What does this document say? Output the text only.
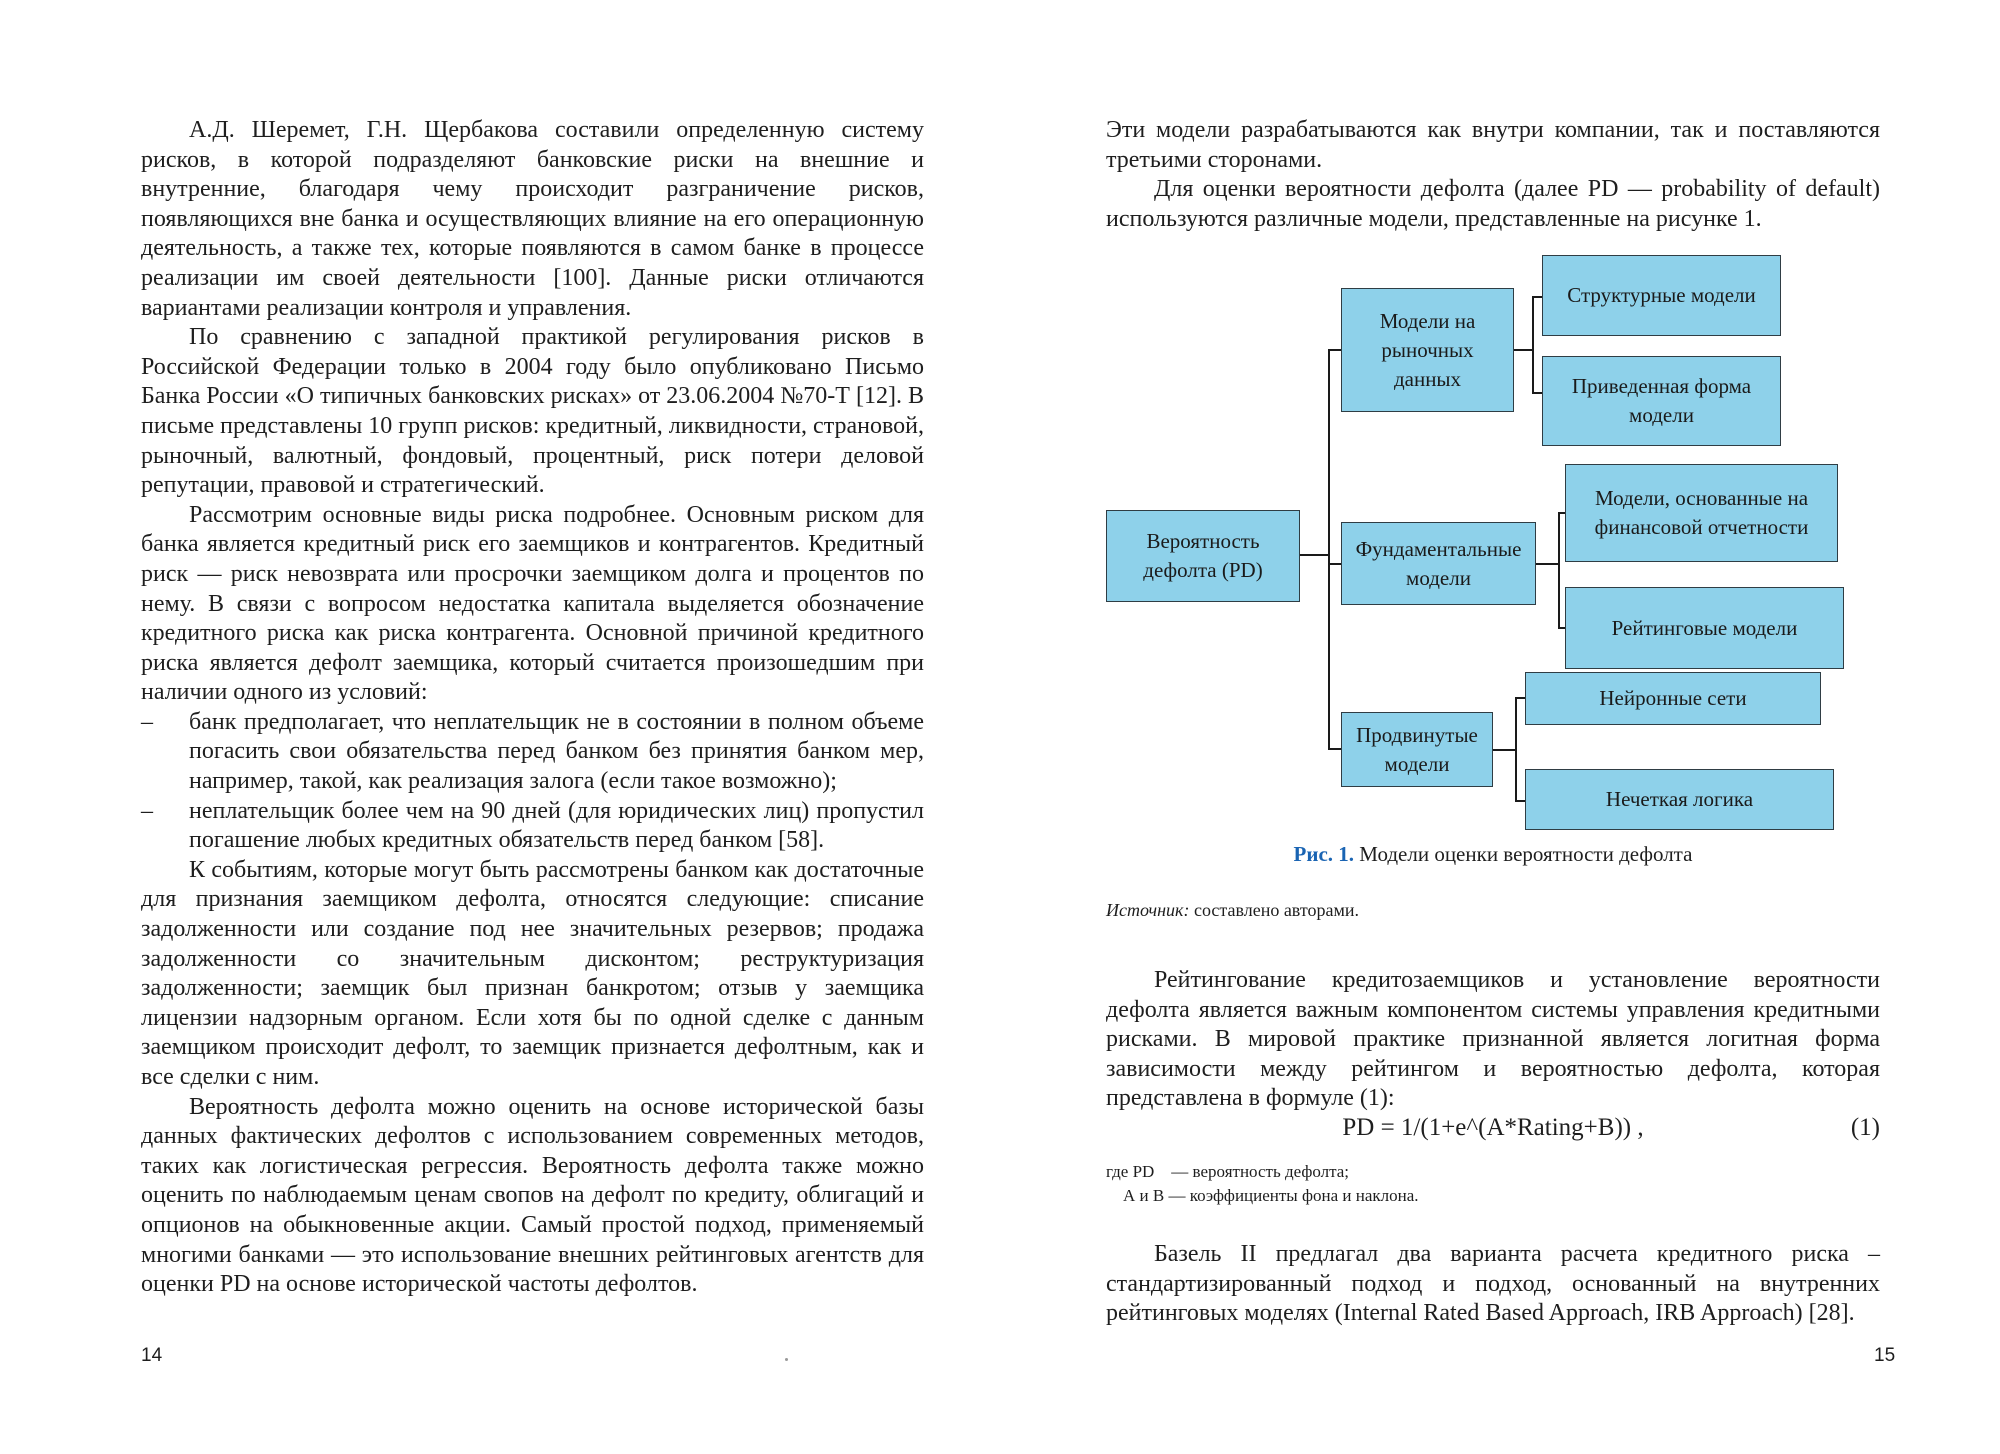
А.Д. Шеремет, Г.Н. Щербакова составили определенную систему рисков, в которой подразделяют банковские риски на внешние и внутренние, благодаря чему происходит разграничение рисков, появляющихся вне банка и осуществляющих влияние на его операционную деятельность, а также тех, которые появляются в самом банке в процессе реализации им своей деятельности [100]. Данные риски отличаются вариантами реализации контроля и управления.

По сравнению с западной практикой регулирования рисков в Российской Федерации только в 2004 году было опубликовано Письмо Банка России «О типичных банковских рисках» от 23.06.2004 №70-Т [12]. В письме представлены 10 групп рисков: кредитный, ликвидности, страновой, рыночный, валютный, фондовый, процентный, риск потери деловой репутации, правовой и стратегический.

Рассмотрим основные виды риска подробнее. Основным риском для банка является кредитный риск его заемщиков и контрагентов. Кредитный риск — риск невозврата или просрочки заемщиком долга и процентов по нему. В связи с вопросом недостатка капитала выделяется обозначение кредитного риска как риска контрагента. Основной причиной кредитного риска является дефолт заемщика, который считается произошедшим при наличии одного из условий:

– банк предполагает, что неплательщик не в состоянии в полном объеме погасить свои обязательства перед банком без принятия банком мер, например, такой, как реализация залога (если такое возможно);
– неплательщик более чем на 90 дней (для юридических лиц) пропустил погашение любых кредитных обязательств перед банком [58].

К событиям, которые могут быть рассмотрены банком как достаточные для признания заемщиком дефолта, относятся следующие: списание задолженности или создание под нее значительных резервов; продажа задолженности со значительным дисконтом; реструктуризация задолженности; заемщик был признан банкротом; отзыв у заемщика лицензии надзорным органом. Если хотя бы по одной сделке с данным заемщиком происходит дефолт, то заемщик признается дефолтным, как и все сделки с ним.

Вероятность дефолта можно оценить на основе исторической базы данных фактических дефолтов с использованием современных методов, таких как логистическая регрессия. Вероятность дефолта также можно оценить по наблюдаемым ценам свопов на дефолт по кредиту, облигаций и опционов на обыкновенные акции. Самый простой подход, применяемый многими банками — это использование внешних рейтинговых агентств для оценки PD на основе исторической частоты дефолтов.

14

Эти модели разрабатываются как внутри компании, так и поставляются третьими сторонами.

Для оценки вероятности дефолта (далее PD — probability of default) используются различные модели, представленные на рисунке 1.

Вероятность дефолта (PD)
Модели на рыночных данных
Фундаментальные модели
Продвинутые модели
Структурные модели
Приведенная форма модели
Модели, основанные на финансовой отчетности
Рейтинговые модели
Нейронные сети
Нечеткая логика
Рис. 1. Модели оценки вероятности дефолта
Источник: составлено авторами.

Рейтингование кредитозаемщиков и установление вероятности дефолта является важным компонентом системы управления кредитными рисками. В мировой практике признанной является логитная форма зависимости между рейтингом и вероятностью дефолта, которая представлена в формуле (1):

PD = 1/(1+e^(A*Rating+B)) ,	(1)
где PD    — вероятность дефолта;
А и В — коэффициенты фона и наклона.

Базель II предлагал два варианта расчета кредитного риска – стандартизированный подход и подход, основанный на внутренних рейтинговых моделях (Internal Rated Based Approach, IRB Approach) [28].

15
